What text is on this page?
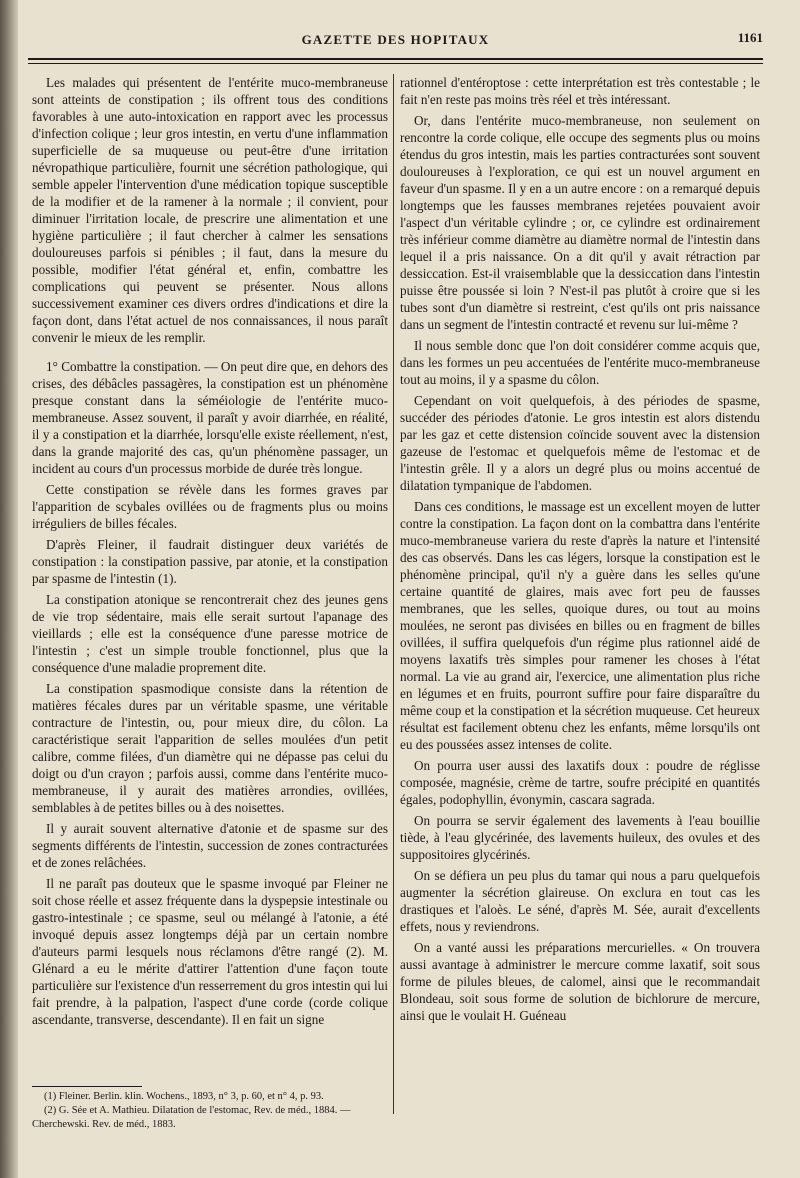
GAZETTE DES HOPITAUX	1161

Les malades qui présentent de l'entérite muco-membraneuse sont atteints de constipation ; ils offrent tous des conditions favorables à une auto-intoxication en rapport avec les processus d'infection colique ; leur gros intestin, en vertu d'une inflammation superficielle de sa muqueuse ou peut-être d'une irritation névropathique particulière, fournit une sécrétion pathologique, qui semble appeler l'intervention d'une médication topique susceptible de la modifier et de la ramener à la normale ; il convient, pour diminuer l'irritation locale, de prescrire une alimentation et une hygiène particulière ; il faut chercher à calmer les sensations douloureuses parfois si pénibles ; il faut, dans la mesure du possible, modifier l'état général et, enfin, combattre les complications qui peuvent se présenter. Nous allons successivement examiner ces divers ordres d'indications et dire la façon dont, dans l'état actuel de nos connaissances, il nous paraît convenir le mieux de les remplir.

1° Combattre la constipation. — On peut dire que, en dehors des crises, des débâcles passagères, la constipation est un phénomène presque constant dans la séméiologie de l'entérite muco-membraneuse. Assez souvent, il paraît y avoir diarrhée, en réalité, il y a constipation et la diarrhée, lorsqu'elle existe réellement, n'est, dans la grande majorité des cas, qu'un phénomène passager, un incident au cours d'un processus morbide de durée très longue.

Cette constipation se révèle dans les formes graves par l'apparition de scybales ovillées ou de fragments plus ou moins irréguliers de billes fécales.

D'après Fleiner, il faudrait distinguer deux variétés de constipation : la constipation passive, par atonie, et la constipation par spasme de l'intestin (1).

La constipation atonique se rencontrerait chez des jeunes gens de vie trop sédentaire, mais elle serait surtout l'apanage des vieillards ; elle est la conséquence d'une paresse motrice de l'intestin ; c'est un simple trouble fonctionnel, plus que la conséquence d'une maladie proprement dite.

La constipation spasmodique consiste dans la rétention de matières fécales dures par un véritable spasme, une véritable contracture de l'intestin, ou, pour mieux dire, du côlon. La caractéristique serait l'apparition de selles moulées d'un petit calibre, comme filées, d'un diamètre qui ne dépasse pas celui du doigt ou d'un crayon ; parfois aussi, comme dans l'entérite muco-membraneuse, il y aurait des matières arrondies, ovillées, semblables à de petites billes ou à des noisettes.

Il y aurait souvent alternative d'atonie et de spasme sur des segments différents de l'intestin, succession de zones contracturées et de zones relâchées.

Il ne paraît pas douteux que le spasme invoqué par Fleiner ne soit chose réelle et assez fréquente dans la dyspepsie intestinale ou gastro-intestinale ; ce spasme, seul ou mélangé à l'atonie, a été invoqué depuis assez longtemps déjà par un certain nombre d'auteurs parmi lesquels nous réclamons d'être rangé (2). M. Glénard a eu le mérite d'attirer l'attention d'une façon toute particulière sur l'existence d'un resserrement du gros intestin qui lui fait prendre, à la palpation, l'aspect d'une corde (corde colique ascendante, transverse, descendante). Il en fait un signe

(1) Fleiner. Berlin. klin. Wochens., 1893, n° 3, p. 60, et n° 4, p. 93.

(2) G. Sée et A. Mathieu. Dilatation de l'estomac, Rev. de méd., 1884. — Cherchewski. Rev. de méd., 1883.

rationnel d'entéroptose : cette interprétation est très contestable ; le fait n'en reste pas moins très réel et très intéressant.

Or, dans l'entérite muco-membraneuse, non seulement on rencontre la corde colique, elle occupe des segments plus ou moins étendus du gros intestin, mais les parties contracturées sont souvent douloureuses à l'exploration, ce qui est un nouvel argument en faveur d'un spasme. Il y en a un autre encore : on a remarqué depuis longtemps que les fausses membranes rejetées pouvaient avoir l'aspect d'un véritable cylindre ; or, ce cylindre est ordinairement très inférieur comme diamètre au diamètre normal de l'intestin dans lequel il a pris naissance. On a dit qu'il y avait rétraction par dessiccation. Est-il vraisemblable que la dessiccation dans l'intestin puisse être poussée si loin ? N'est-il pas plutôt à croire que si les tubes sont d'un diamètre si restreint, c'est qu'ils ont pris naissance dans un segment de l'intestin contracté et revenu sur lui-même ?

Il nous semble donc que l'on doit considérer comme acquis que, dans les formes un peu accentuées de l'entérite muco-membraneuse tout au moins, il y a spasme du côlon.

Cependant on voit quelquefois, à des périodes de spasme, succéder des périodes d'atonie. Le gros intestin est alors distendu par les gaz et cette distension coïncide souvent avec la distension gazeuse de l'estomac et quelquefois même de l'estomac et de l'intestin grêle. Il y a alors un degré plus ou moins accentué de dilatation tympanique de l'abdomen.

Dans ces conditions, le massage est un excellent moyen de lutter contre la constipation. La façon dont on la combattra dans l'entérite muco-membraneuse variera du reste d'après la nature et l'intensité des cas observés. Dans les cas légers, lorsque la constipation est le phénomène principal, qu'il n'y a guère dans les selles qu'une certaine quantité de glaires, mais avec fort peu de fausses membranes, que les selles, quoique dures, ou tout au moins moulées, ne seront pas divisées en billes ou en fragment de billes ovillées, il suffira quelquefois d'un régime plus rationnel aidé de moyens laxatifs très simples pour ramener les choses à l'état normal. La vie au grand air, l'exercice, une alimentation plus riche en légumes et en fruits, pourront suffire pour faire disparaître du même coup et la constipation et la sécrétion muqueuse. Cet heureux résultat est facilement obtenu chez les enfants, même lorsqu'ils ont eu des poussées assez intenses de colite.

On pourra user aussi des laxatifs doux : poudre de réglisse composée, magnésie, crème de tartre, soufre précipité en quantités égales, podophyllin, évonymin, cascara sagrada.

On pourra se servir également des lavements à l'eau bouillie tiède, à l'eau glycérinée, des lavements huileux, des ovules et des suppositoires glycérinés.

On se défiera un peu plus du tamar qui nous a paru quelquefois augmenter la sécrétion glaireuse. On exclura en tout cas les drastiques et l'aloès. Le séné, d'après M. Sée, aurait d'excellents effets, nous y reviendrons.

On a vanté aussi les préparations mercurielles. « On trouvera aussi avantage à administrer le mercure comme laxatif, soit sous forme de pilules bleues, de calomel, ainsi que le recommandait Blondeau, soit sous forme de solution de bichlorure de mercure, ainsi que le voulait H. Guéneau
